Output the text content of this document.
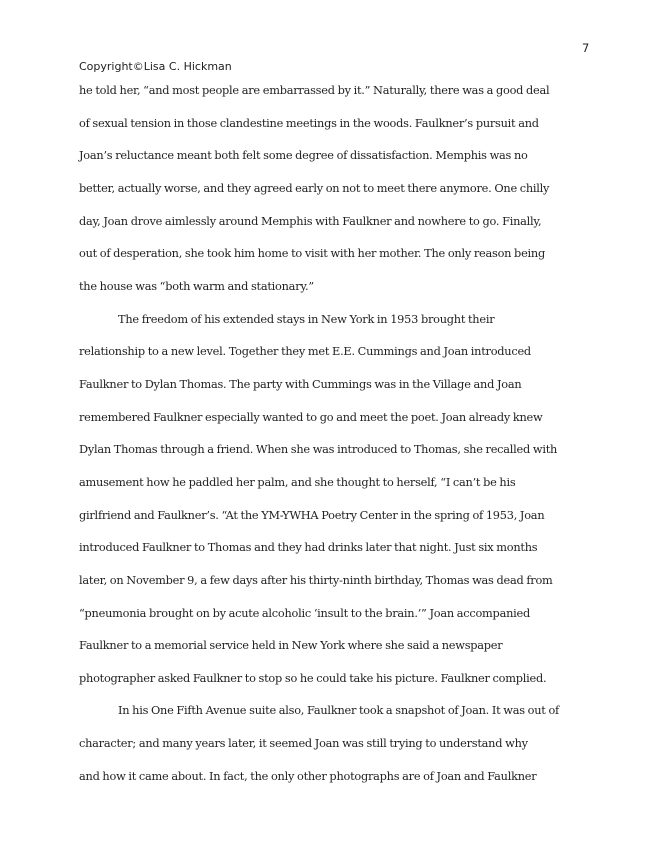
7
Copyright©Lisa C. Hickman

he told her, “and most people are embarrassed by it.” Naturally, there was a good deal
of sexual tension in those clandestine meetings in the woods. Faulkner’s pursuit and
Joan’s reluctance meant both felt some degree of dissatisfaction. Memphis was no
better, actually worse, and they agreed early on not to meet there anymore. One chilly
day, Joan drove aimlessly around Memphis with Faulkner and nowhere to go. Finally,
out of desperation, she took him home to visit with her mother. The only reason being
the house was “both warm and stationary.”

The freedom of his extended stays in New York in 1953 brought their
relationship to a new level. Together they met E.E. Cummings and Joan introduced
Faulkner to Dylan Thomas. The party with Cummings was in the Village and Joan
remembered Faulkner especially wanted to go and meet the poet. Joan already knew
Dylan Thomas through a friend. When she was introduced to Thomas, she recalled with
amusement how he paddled her palm, and she thought to herself, “I can’t be his
girlfriend and Faulkner’s. “At the YM-YWHA Poetry Center in the spring of 1953, Joan
introduced Faulkner to Thomas and they had drinks later that night. Just six months
later, on November 9, a few days after his thirty-ninth birthday, Thomas was dead from
“pneumonia brought on by acute alcoholic ‘insult to the brain.’” Joan accompanied
Faulkner to a memorial service held in New York where she said a newspaper
photographer asked Faulkner to stop so he could take his picture. Faulkner complied.

In his One Fifth Avenue suite also, Faulkner took a snapshot of Joan. It was out of
character; and many years later, it seemed Joan was still trying to understand why
and how it came about. In fact, the only other photographs are of Joan and Faulkner
